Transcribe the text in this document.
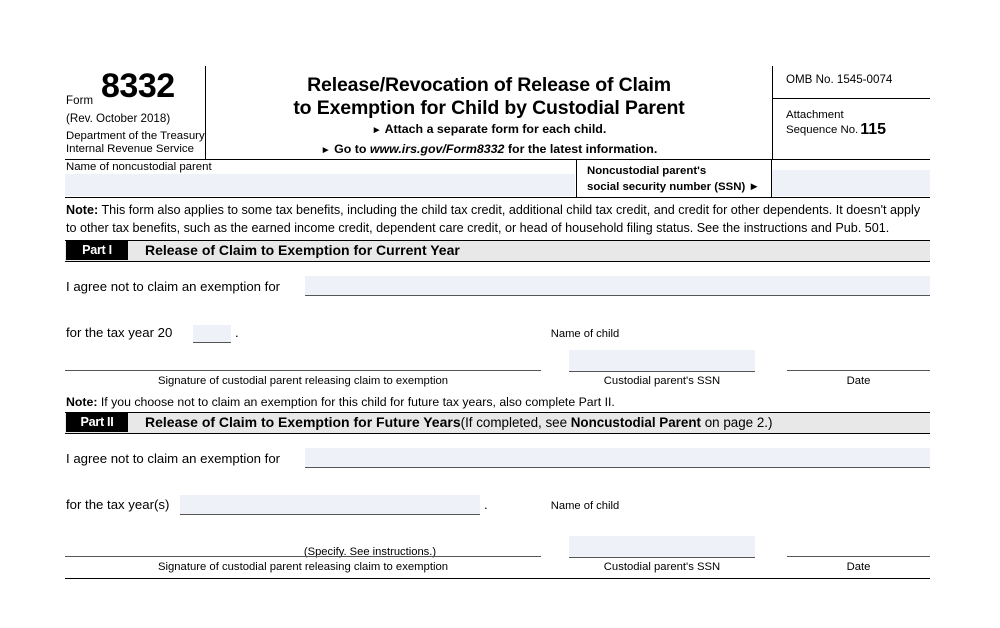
Form 8332
(Rev. October 2018)
Department of the Treasury
Internal Revenue Service
Release/Revocation of Release of Claim
to Exemption for Child by Custodial Parent
► Attach a separate form for each child.
► Go to www.irs.gov/Form8332 for the latest information.
OMB No. 1545-0074
Attachment
Sequence No. 115
Name of noncustodial parent	Noncustodial parent's
social security number (SSN) ►
Note: This form also applies to some tax benefits, including the child tax credit, additional child tax credit, and credit for other dependents. It doesn't apply to other tax benefits, such as the earned income credit, dependent care credit, or head of household filing status. See the instructions and Pub. 501.
Part I	Release of Claim to Exemption for Current Year
I agree not to claim an exemption for
Name of child
for the tax year 20	.
Signature of custodial parent releasing claim to exemption	Custodial parent's SSN	Date
Note: If you choose not to claim an exemption for this child for future tax years, also complete Part II.
Part II	Release of Claim to Exemption for Future Years(If completed, see Noncustodial Parent on page 2.)
I agree not to claim an exemption for
Name of child
for the tax year(s)	.
(Specify. See instructions.)
Signature of custodial parent releasing claim to exemption	Custodial parent's SSN	Date
